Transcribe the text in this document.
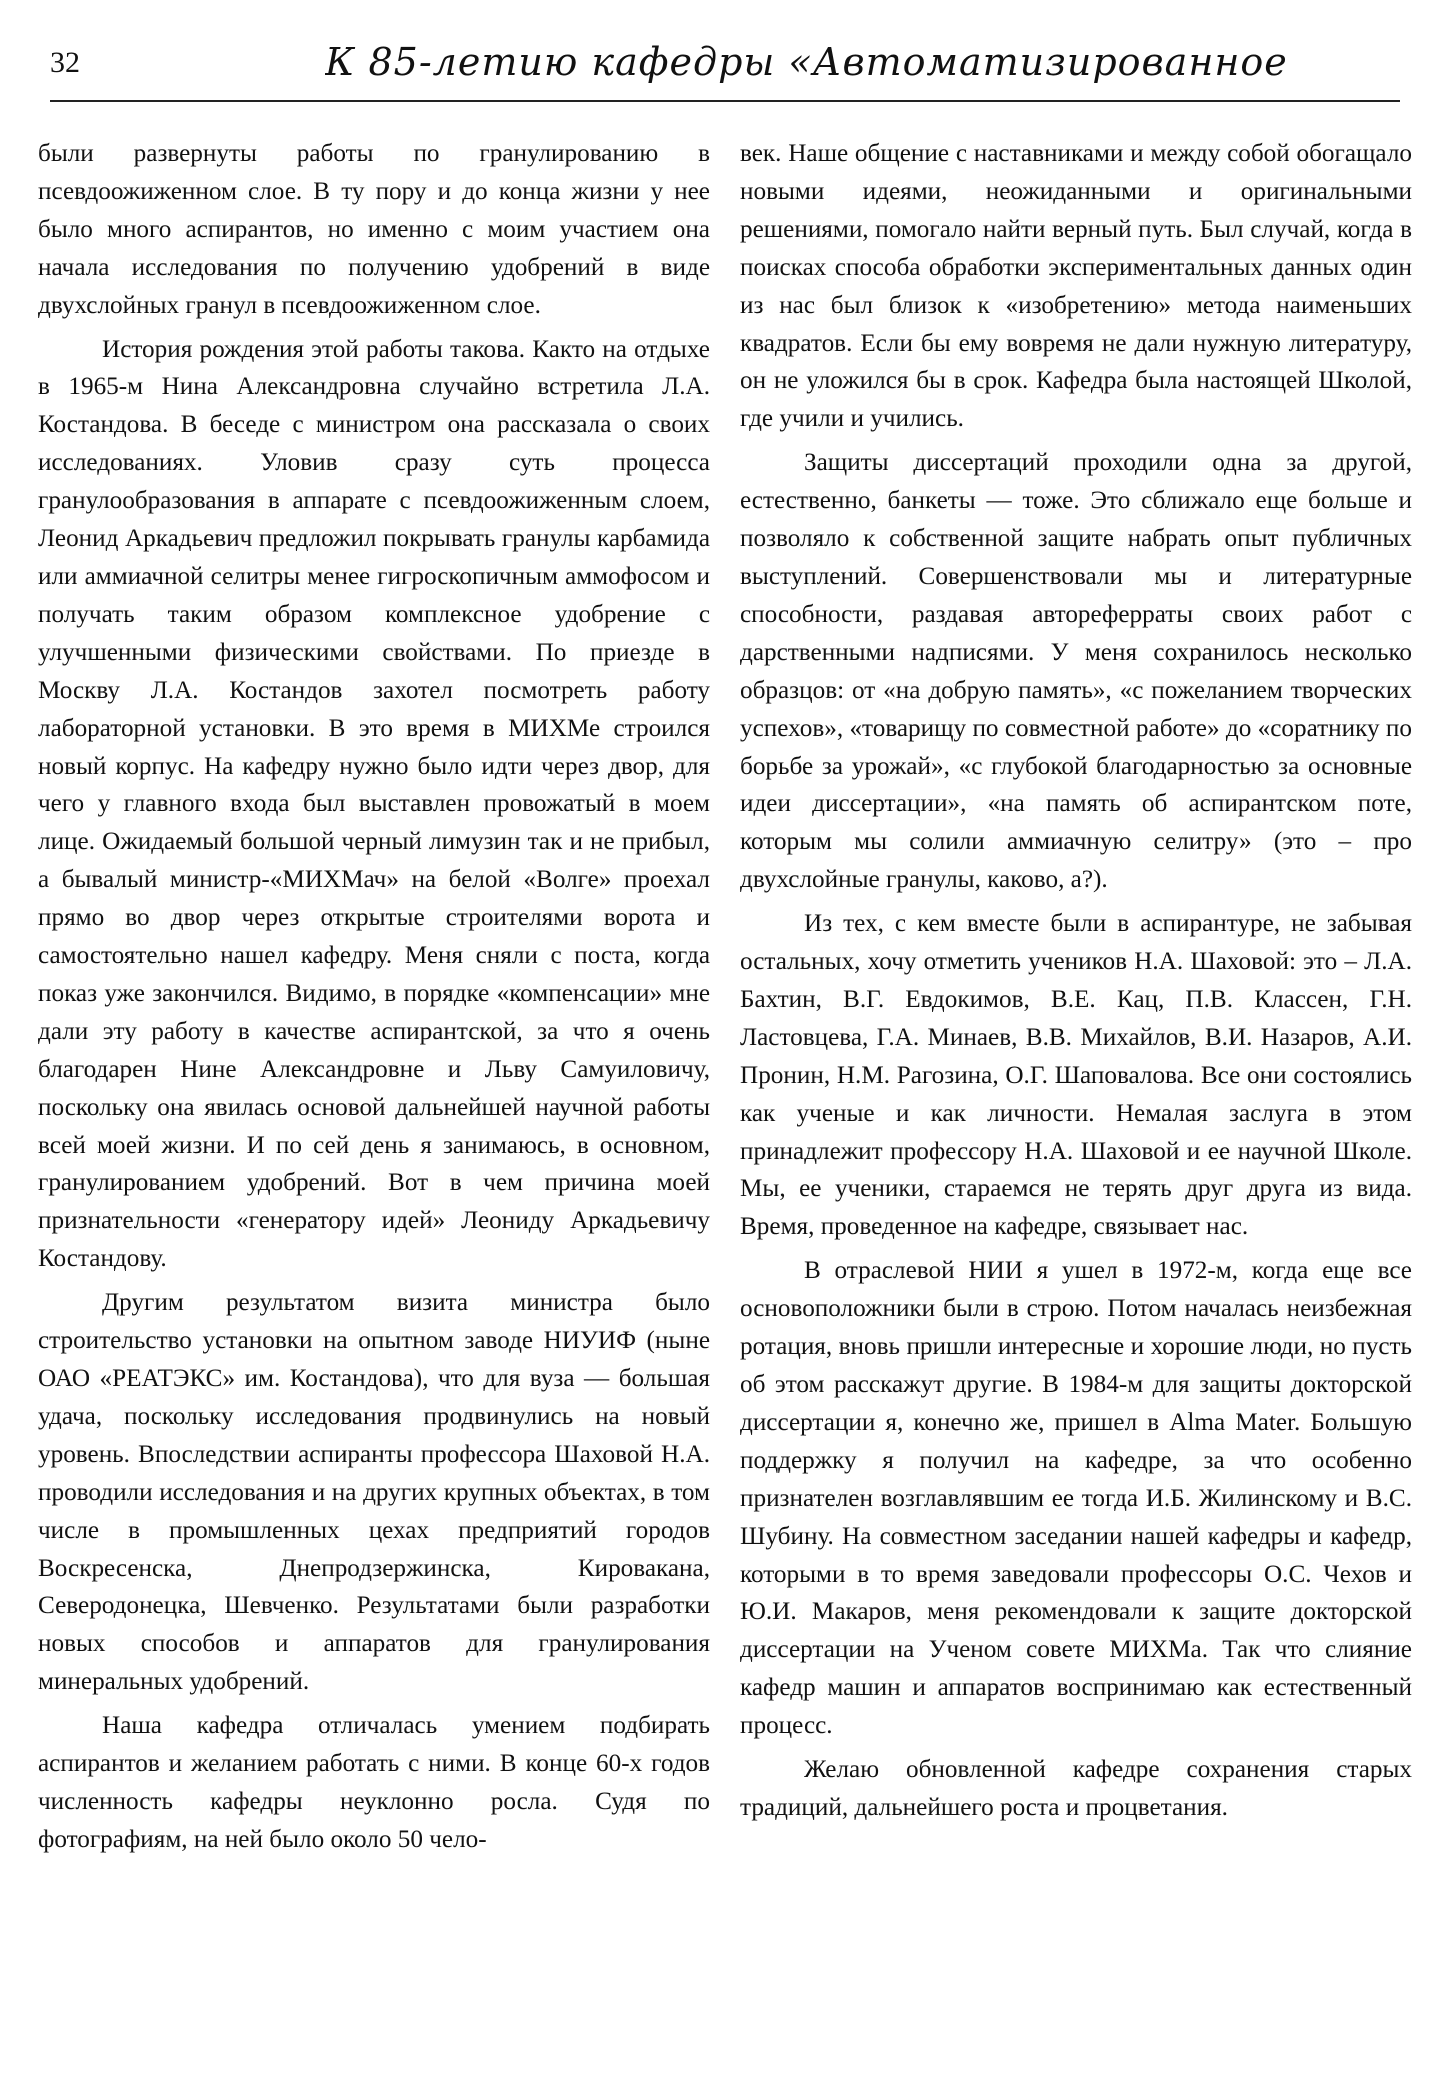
32	К 85-летию кафедры «Автоматизированное

были развернуты работы по гранулированию в псевдоожиженном слое. В ту пору и до конца жизни у нее было много аспирантов, но именно с моим участием она начала исследования по получению удобрений в виде двухслойных гранул в псевдоожиженном слое.

История рождения этой работы такова. Както на отдыхе в 1965-м Нина Александровна случайно встретила Л.А. Костандова. В беседе с министром она рассказала о своих исследованиях. Уловив сразу суть процесса гранулообразования в аппарате с псевдоожиженным слоем, Леонид Аркадьевич предложил покрывать гранулы карбамида или аммиачной селитры менее гигроскопичным аммофосом и получать таким образом комплексное удобрение с улучшенными физическими свойствами. По приезде в Москву Л.А. Костандов захотел посмотреть работу лабораторной установки. В это время в МИХМе строился новый корпус. На кафедру нужно было идти через двор, для чего у главного входа был выставлен провожатый в моем лице. Ожидаемый большой черный лимузин так и не прибыл, а бывалый министр-«МИХМач» на белой «Волге» проехал прямо во двор через открытые строителями ворота и самостоятельно нашел кафедру. Меня сняли с поста, когда показ уже закончился. Видимо, в порядке «компенсации» мне дали эту работу в качестве аспирантской, за что я очень благодарен Нине Александровне и Льву Самуиловичу, поскольку она явилась основой дальнейшей научной работы всей моей жизни. И по сей день я занимаюсь, в основном, гранулированием удобрений. Вот в чем причина моей признательности «генератору идей» Леониду Аркадьевичу Костандову.

Другим результатом визита министра было строительство установки на опытном заводе НИУИФ (ныне ОАО «РЕАТЭКС» им. Костандова), что для вуза — большая удача, поскольку исследования продвинулись на новый уровень. Впоследствии аспиранты профессора Шаховой Н.А. проводили исследования и на других крупных объектах, в том числе в промышленных цехах предприятий городов Воскресенска, Днепродзержинска, Кировакана, Северодонецка, Шевченко. Результатами были разработки новых способов и аппаратов для гранулирования минеральных удобрений.

Наша кафедра отличалась умением подбирать аспирантов и желанием работать с ними. В конце 60-х годов численность кафедры неуклонно росла. Судя по фотографиям, на ней было около 50 чело-

век. Наше общение с наставниками и между собой обогащало новыми идеями, неожиданными и оригинальными решениями, помогало найти верный путь. Был случай, когда в поисках способа обработки экспериментальных данных один из нас был близок к «изобретению» метода наименьших квадратов. Если бы ему вовремя не дали нужную литературу, он не уложился бы в срок. Кафедра была настоящей Школой, где учили и учились.

Защиты диссертаций проходили одна за другой, естественно, банкеты — тоже. Это сближало еще больше и позволяло к собственной защите набрать опыт публичных выступлений. Совершенствовали мы и литературные способности, раздавая автореферраты своих работ с дарственными надписями. У меня сохранилось несколько образцов: от «на добрую память», «с пожеланием творческих успехов», «товарищу по совместной работе» до «соратнику по борьбе за урожай», «с глубокой благодарностью за основные идеи диссертации», «на память об аспирантском поте, которым мы солили аммиачную селитру» (это – про двухслойные гранулы, каково, а?).

Из тех, с кем вместе были в аспирантуре, не забывая остальных, хочу отметить учеников Н.А. Шаховой: это – Л.А. Бахтин, В.Г. Евдокимов, В.Е. Кац, П.В. Классен, Г.Н. Ластовцева, Г.А. Минаев, В.В. Михайлов, В.И. Назаров, А.И. Пронин, Н.М. Рагозина, О.Г. Шаповалова. Все они состоялись как ученые и как личности. Немалая заслуга в этом принадлежит профессору Н.А. Шаховой и ее научной Школе. Мы, ее ученики, стараемся не терять друг друга из вида. Время, проведенное на кафедре, связывает нас.

В отраслевой НИИ я ушел в 1972-м, когда еще все основоположники были в строю. Потом началась неизбежная ротация, вновь пришли интересные и хорошие люди, но пусть об этом расскажут другие. В 1984-м для защиты докторской диссертации я, конечно же, пришел в Alma Mater. Большую поддержку я получил на кафедре, за что особенно признателен возглавлявшим ее тогда И.Б. Жилинскому и В.С. Шубину. На совместном заседании нашей кафедры и кафедр, которыми в то время заведовали профессоры О.С. Чехов и Ю.И. Макаров, меня рекомендовали к защите докторской диссертации на Ученом совете МИХМа. Так что слияние кафедр машин и аппаратов воспринимаю как естественный процесс.

Желаю обновленной кафедре сохранения старых традиций, дальнейшего роста и процветания.
